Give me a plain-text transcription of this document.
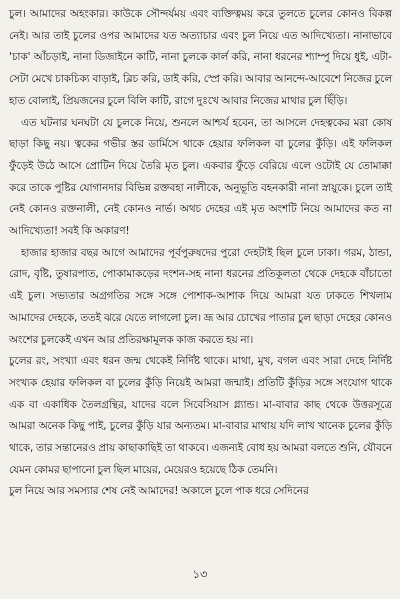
চুল। আমাদের অহংকার। কাউকে সৌন্দর্যময় এবং ব্যক্তিত্বময় করে তুলতে চুলের কোনও বিকল্প নেই। আর তাই চুলের ওপর আমাদের যত অত্যাচার এবং চুল নিয়ে এত আদিখ্যেতা। নানাভাবে 'চাক' আঁচড়াই, নানা ডিজাইনে কাটি, নানা চুলকে কার্ল করি, নানা ধরনের শ্যাম্পু দিয়ে ধুই, এটা-সেটা মেখে চাকচিক্য বাড়াই, ব্লিচ করি, ডাই করি, স্প্রে করি। আবার আনন্দে-আবেশে নিজের চুলে হাত বোলাই, প্রিয়জনের চুলে বিলি কাটি, রাগে দুঃখে আবার নিজের মাথার চুল ছিঁড়ি।

এত ঘটনার ঘনঘটা যে চুলকে নিয়ে, শুনলে আশ্চর্য হবেন, তা আসলে দেহত্বকের মরা কোষ ছাড়া কিছু নয়। ত্বকের গভীর স্তর ডার্মিসে থাকে হেয়ার ফলিকল বা চুলের কুঁড়ি। এই ফলিকল ফুঁড়েই উঠে আসে প্রোটিন দিয়ে তৈরি মৃত চুল। একবার ফুঁড়ে বেরিয়ে এলে ওটোই যে তোমাক্কা করে তাকে পুষ্টির যোগানদার বিভিন্ন রক্তবহা নালীকে, অনুভূতি বহনকারী নানা স্নায়ুকে। চুলে তাই নেই কোনও রক্তনালী, নেই কোনও নার্ভ। অথচ দেহের এই মৃত অংশটি নিয়ে আমাদের কত না আদিখ্যেতা! সবই কি অকারণ!

হাজার হাজার বছর আগে আমাদের পূর্বপুরুষদের পুরো দেহটাই ছিল চুলে ঢাকা। গরম, ঠান্ডা, রোদ, বৃষ্টি, তুষারপাত, পোকামাকড়ের দংশন-সহ নানা ধরনের প্রতিকূলতা থেকে দেহকে বাঁচাতো এই চুল। সভ্যতার অগ্রগতির সঙ্গে সঙ্গে পোশাক-আশাক দিয়ে আমরা যত ঢাকতে শিখলাম আমাদের দেহকে, ততই ঝরে যেতে লাগলো চুল। ভ্রূ আর চোখের পাতার চুল ছাড়া দেহের কোনও অংশের চুলকেই এখন আর প্রতিরক্ষামূলক কাজ করতে হয় না।

চুলের রং, সংখ্যা এবং ধরন জন্ম থেকেই নির্দিষ্ট থাকে। মাথা, মুখ, বগল এবং সারা দেহে নির্দিষ্ট সংখ্যক হেয়ার ফলিকল বা চুলের কুঁড়ি নিয়েই আমরা জন্মাই। প্রতিটি কুঁড়ির সঙ্গে সংযোগ থাকে এক বা একাধিক তৈলগ্রন্থির, যাদের বলে সিবেসিয়াস গ্ল্যান্ড। মা-বাবার কাছ থেকে উত্তরসূত্রে আমরা অনেক কিছু পাই, চুলের কুঁড়ি যার অন্যতম। মা-বাবার মাথায় যদি লাখ খানেক চুলের কুঁড়ি থাকে, তার সন্তানেরও প্রায় কাছাকাছিই তা থাকবে। এজন্যই বোধ হয় আমরা বলতে শুনি, যৌবনে যেমন কোমর ছাপানো চুল ছিল মায়ের, মেয়েরও হয়েছে ঠিক তেমনি।

চুল নিয়ে আর সমস্যার শেষ নেই আমাদের! অকালে চুলে পাক ধরে সেদিনের

১৩
